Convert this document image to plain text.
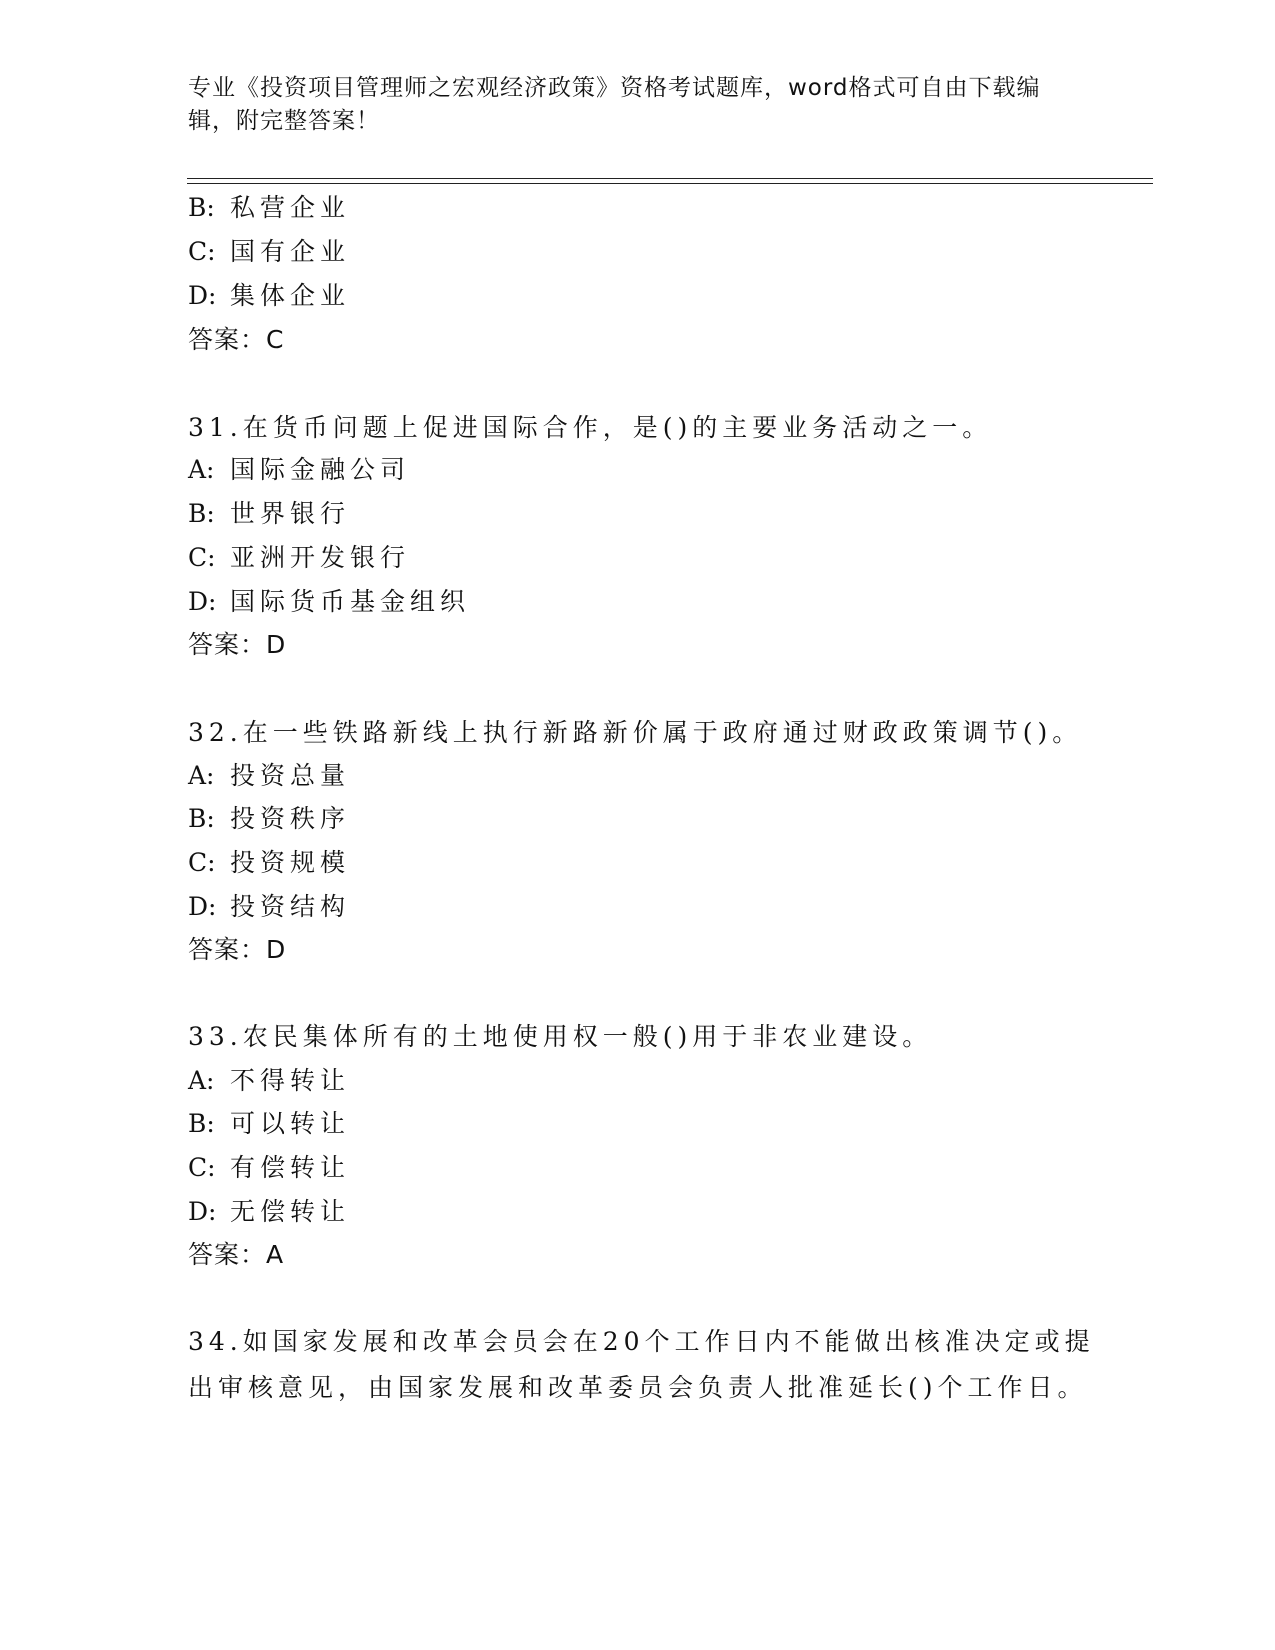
专业《投资项目管理师之宏观经济政策》资格考试题库，word格式可自由下载编
辑，附完整答案！
B: 私营企业
C: 国有企业
D: 集体企业
答案：C
31.在货币问题上促进国际合作，是()的主要业务活动之一。
A: 国际金融公司
B: 世界银行
C: 亚洲开发银行
D: 国际货币基金组织
答案：D
32.在一些铁路新线上执行新路新价属于政府通过财政政策调节()。
A: 投资总量
B: 投资秩序
C: 投资规模
D: 投资结构
答案：D
33.农民集体所有的土地使用权一般()用于非农业建设。
A: 不得转让
B: 可以转让
C: 有偿转让
D: 无偿转让
答案：A
34.如国家发展和改革会员会在20个工作日内不能做出核准决定或提
出审核意见，由国家发展和改革委员会负责人批准延长()个工作日。
